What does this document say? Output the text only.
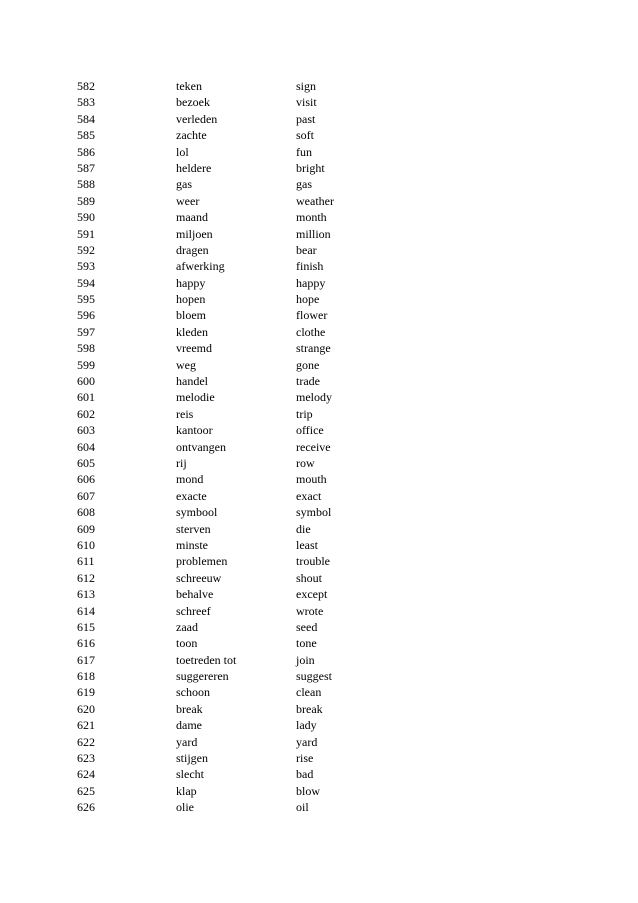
582	teken	sign
583	bezoek	visit
584	verleden	past
585	zachte	soft
586	lol	fun
587	heldere	bright
588	gas	gas
589	weer	weather
590	maand	month
591	miljoen	million
592	dragen	bear
593	afwerking	finish
594	happy	happy
595	hopen	hope
596	bloem	flower
597	kleden	clothe
598	vreemd	strange
599	weg	gone
600	handel	trade
601	melodie	melody
602	reis	trip
603	kantoor	office
604	ontvangen	receive
605	rij	row
606	mond	mouth
607	exacte	exact
608	symbool	symbol
609	sterven	die
610	minste	least
611	problemen	trouble
612	schreeuw	shout
613	behalve	except
614	schreef	wrote
615	zaad	seed
616	toon	tone
617	toetreden tot	join
618	suggereren	suggest
619	schoon	clean
620	break	break
621	dame	lady
622	yard	yard
623	stijgen	rise
624	slecht	bad
625	klap	blow
626	olie	oil
